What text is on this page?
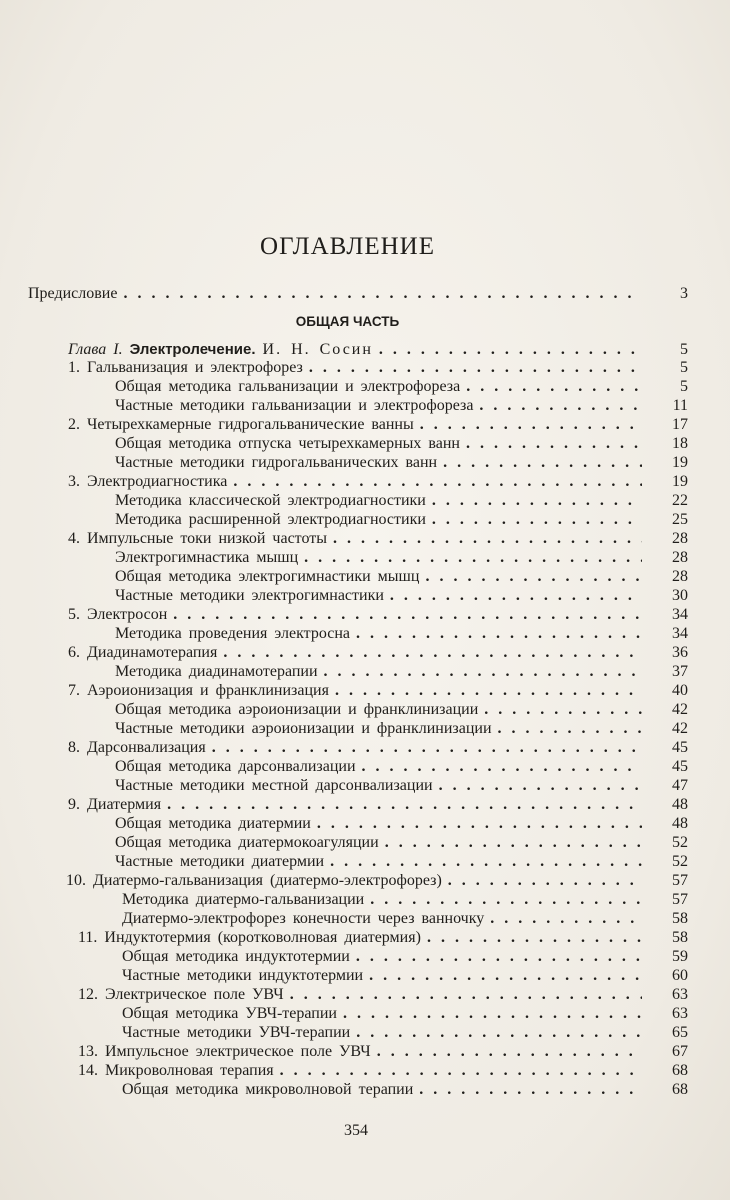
ОГЛАВЛЕНИЕ
Предисловие . . .	3
ОБЩАЯ ЧАСТЬ
Глава I. Электролечение. И. Н. Сосин . . .	5
1. Гальванизация и электрофорез . . .	5
Общая методика гальванизации и электрофореза . . .	5
Частные методики гальванизации и электрофореза . . .	11
2. Четырехкамерные гидрогальванические ванны . . .	17
Общая методика отпуска четырехкамерных ванн . . .	18
Частные методики гидрогальванических ванн . . .	19
3. Электродиагностика . . .	19
Методика классической электродиагностики . . .	22
Методика расширенной электродиагностики . . .	25
4. Импульсные токи низкой частоты . . .	28
Электрогимнастика мышц . . .	28
Общая методика электрогимнастики мышц . . .	28
Частные методики электрогимнастики . . .	30
5. Электросон . . .	34
Методика проведения электросна . . .	34
6. Диадинамотерапия . . .	36
Методика диадинамотерапии . . .	37
7. Аэроионизация и франклинизация . . .	40
Общая методика аэроионизации и франклинизации . . .	42
Частные методики аэроионизации и франклинизации . . .	42
8. Дарсонвализация . . .	45
Общая методика дарсонвализации . . .	45
Частные методики местной дарсонвализации . . .	47
9. Диатермия . . .	48
Общая методика диатермии . . .	48
Общая методика диатермокоагуляции . . .	52
Частные методики диатермии . . .	52
10. Диатермо-гальванизация (диатермо-электрофорез) . . .	57
Методика диатермо-гальванизации . . .	57
Диатермо-электрофорез конечности через ванночку . . .	58
11. Индуктотермия (коротковолновая диатермия) . . .	58
Общая методика индуктотермии . . .	59
Частные методики индуктотермии . . .	60
12. Электрическое поле УВЧ . . .	63
Общая методика УВЧ-терапии . . .	63
Частные методики УВЧ-терапии . . .	65
13. Импульсное электрическое поле УВЧ . . .	67
14. Микроволновая терапия . . .	68
Общая методика микроволновой терапии . . .	68
354
